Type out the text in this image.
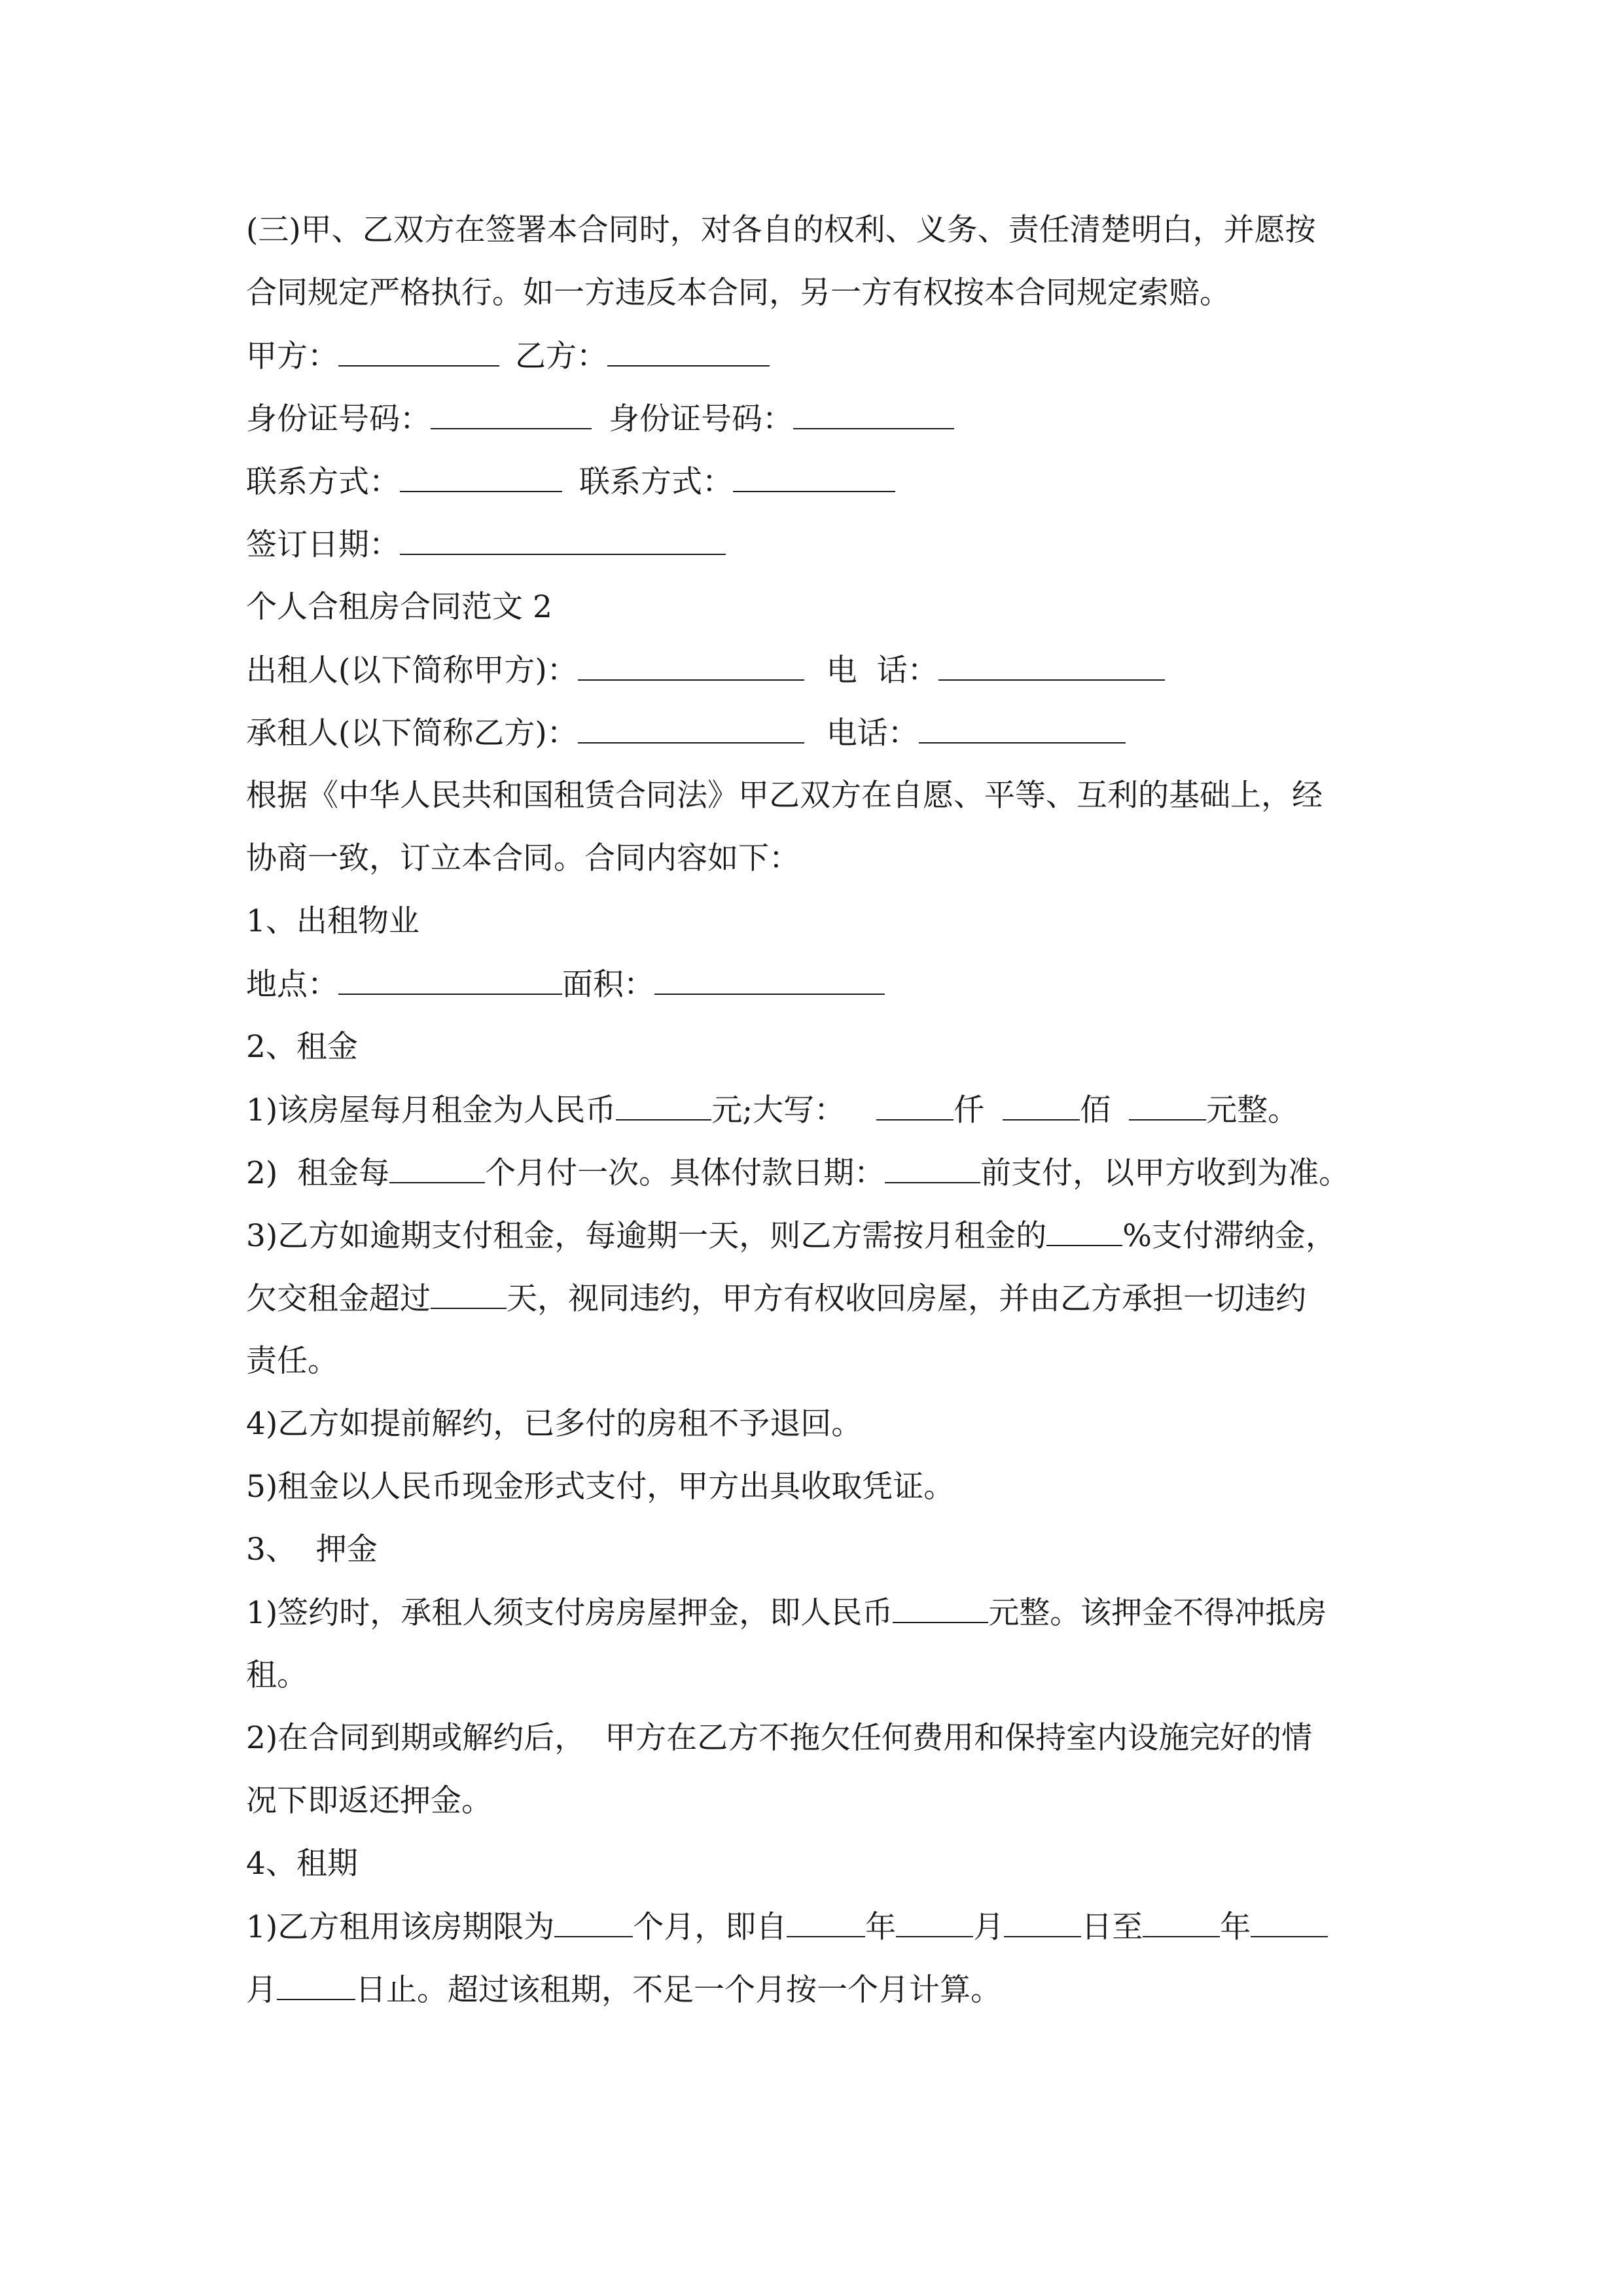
(三)甲、乙双方在签署本合同时，对各自的权利、义务、责任清楚明白，并愿按
合同规定严格执行。如一方违反本合同，另一方有权按本合同规定索赔。
甲方：	乙方：
身份证号码：	身份证号码：
联系方式：	联系方式：
签订日期：
个人合租房合同范文 2
出租人(以下简称甲方)：	电  话：
承租人(以下简称乙方)：	电话：
根据《中华人民共和国租赁合同法》甲乙双方在自愿、平等、互利的基础上，经
协商一致，订立本合同。合同内容如下：
1、出租物业
地点：	面积：
2、租金
1)该房屋每月租金为人民币	元;大写：	仟	佰	元整。
2)  租金每	个月付一次。具体付款日期：	前支付，以甲方收到为准。
3)乙方如逾期支付租金，每逾期一天，则乙方需按月租金的 %支付滞纳金，
欠交租金超过 天，视同违约，甲方有权收回房屋，并由乙方承担一切违约
责任。
4)乙方如提前解约，已多付的房租不予退回。
5)租金以人民币现金形式支付，甲方出具收取凭证。
3、  押金
1)签约时，承租人须支付房房屋押金，即人民币	元整。该押金不得冲抵房
租。
2)在合同到期或解约后，  甲方在乙方不拖欠任何费用和保持室内设施完好的情
况下即返还押金。
4、租期
1)乙方租用该房期限为	个月，即自	年	月	日至	年
月	日止。超过该租期，不足一个月按一个月计算。
